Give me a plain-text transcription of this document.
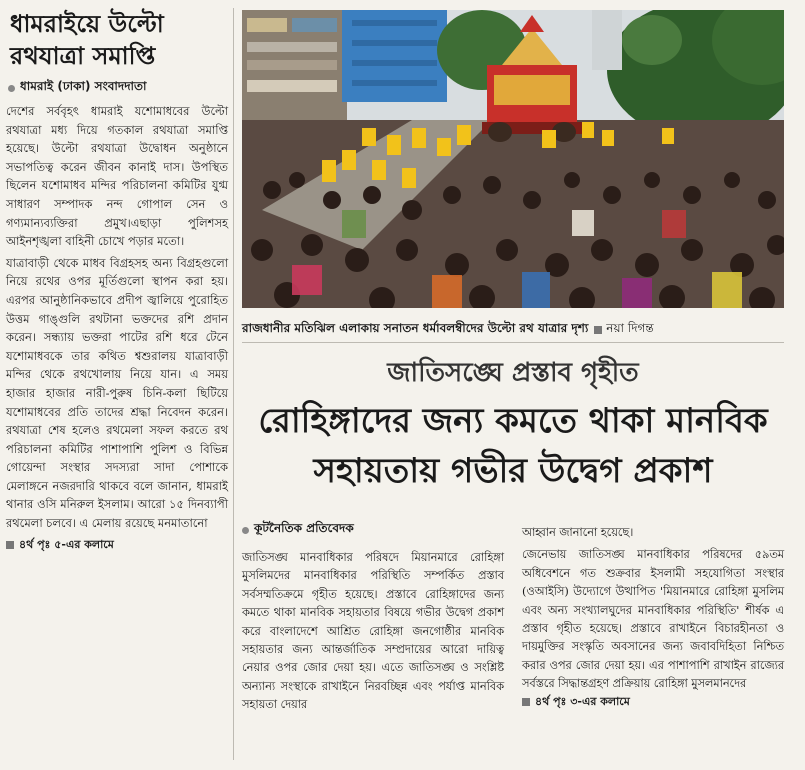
ধামরাইয়ে উল্টো রথযাত্রা সমাপ্তি
ধামরাই (ঢাকা) সংবাদদাতা

দেশের সর্ববৃহৎ ধামরাই যশোমাধবের উল্টো রথযাত্রা মধ্য দিয়ে গতকাল রথযাত্রা সমাপ্তি হয়েছে। উল্টো রথযাত্রা উদ্বোধন অনুষ্ঠানে সভাপতিত্ব করেন জীবন কানাই দাস। উপস্থিত ছিলেন যশোমাধব মন্দির পরিচালনা কমিটির যুগ্ম সাধারণ সম্পাদক নন্দ গোপাল সেন ও গণ্যমান্যব্যক্তিরা প্রমুখ।এছাড়া পুলিশসহ আইনশৃঙ্খলা বাহিনী চোখে পড়ার মতো।

যাত্রাবাড়ী থেকে মাধব বিগ্রহসহ অন্য বিগ্রহগুলো নিয়ে রথের ওপর মূর্তিগুলো স্থাপন করা হয়। এরপর আনুষ্ঠানিকভাবে প্রদীপ জ্বালিয়ে পুরোহিত উত্তম গাঙ্গুলি রথটানা ভক্তদের রশি প্রদান করেন। সন্ধ্যায় ভক্তরা পাটের রশি ধরে টেনে যশোমাধবকে তার কথিত শ্বশুরালয় যাত্রাবাড়ী মন্দির থেকে রথখোলায় নিয়ে যান। এ সময় হাজার হাজার নারী-পুরুষ চিনি-কলা ছিটিয়ে যশোমাধবের প্রতি তাদের শ্রদ্ধা নিবেদন করেন। রথযাত্রা শেষ হলেও রথমেলা সফল করতে রথ পরিচালনা কমিটির পাশাপাশি পুলিশ ও বিভিন্ন গোয়েন্দা সংস্থার সদস্যরা সাদা পোশাকে মেলাঙ্গনে নজরদারি থাকবে বলে জানান, ধামরাই থানার ওসি মনিরুল ইসলাম। আরো ১৫ দিনব্যাপী রথমেলা চলবে। এ মেলায় রয়েছে মনমাতানো

৪র্থ পৃঃ ৫-এর কলামে
রাজধানীর মতিঝিল এলাকায় সনাতন ধর্মাবলম্বীদের উল্টো রথ যাত্রার দৃশ্য নয়া দিগন্ত
জাতিসঙ্ঘে প্রস্তাব গৃহীত
রোহিঙ্গাদের জন্য কমতে থাকা মানবিক
সহায়তায় গভীর উদ্বেগ প্রকাশ
কূটনৈতিক প্রতিবেদক

জাতিসঙ্ঘ মানবাধিকার পরিষদে মিয়ানমারে রোহিঙ্গা মুসলিমদের মানবাধিকার পরিস্থিতি সম্পর্কিত প্রস্তাব সর্বসম্মতিক্রমে গৃহীত হয়েছে। প্রস্তাবে রোহিঙ্গাদের জন্য কমতে থাকা মানবিক সহায়তার বিষয়ে গভীর উদ্বেগ প্রকাশ করে বাংলাদেশে আশ্রিত রোহিঙ্গা জনগোষ্ঠীর মানবিক সহায়তার জন্য আন্তর্জাতিক সম্প্রদায়ের আরো দায়িত্ব নেয়ার ওপর জোর দেয়া হয়। এতে জাতিসঙ্ঘ ও সংশ্লিষ্ট অন্যান্য সংস্থাকে রাখাইনে নিরবচ্ছিন্ন এবং পর্যাপ্ত মানবিক সহায়তা দেয়ার

আহ্বান জানানো হয়েছে।

জেনেভায় জাতিসঙ্ঘ মানবাধিকার পরিষদের ৫৯তম অধিবেশনে গত শুক্রবার ইসলামী সহযোগিতা সংস্থার (ওআইসি) উদ্যোগে উত্থাপিত 'মিয়ানমারে রোহিঙ্গা মুসলিম এবং অন্য সংখ্যালঘুদের মানবাধিকার পরিস্থিতি' শীর্ষক এ প্রস্তাব গৃহীত হয়েছে। প্রস্তাবে রাখাইনে বিচারহীনতা ও দায়মুক্তির সংস্কৃতি অবসানের জন্য জবাবদিহিতা নিশ্চিত করার ওপর জোর দেয়া হয়। এর পাশাপাশি রাখাইন রাজ্যের সর্বস্তরে সিদ্ধান্তগ্রহণ প্রক্রিয়ায় রোহিঙ্গা মুসলমানদের

৪র্থ পৃঃ ৩-এর কলামে
